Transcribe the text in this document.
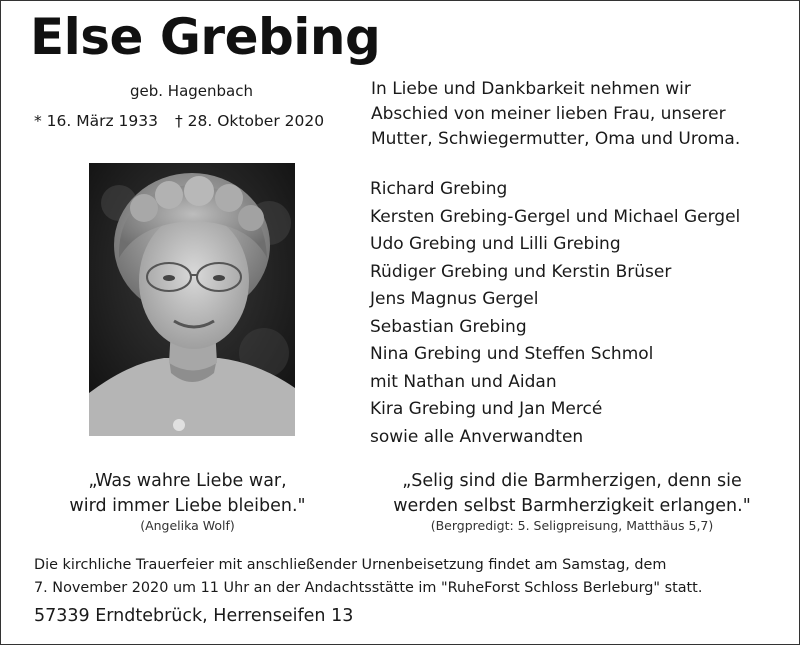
Else Grebing
geb. Hagenbach
* 16. März 1933 † 28. Oktober 2020
In Liebe und Dankbarkeit nehmen wir
Abschied von meiner lieben Frau, unserer
Mutter, Schwiegermutter, Oma und Uroma.
Richard Grebing
Kersten Grebing-Gergel und Michael Gergel
Udo Grebing und Lilli Grebing
Rüdiger Grebing und Kerstin Brüser
Jens Magnus Gergel
Sebastian Grebing
Nina Grebing und Steffen Schmol
mit Nathan und Aidan
Kira Grebing und Jan Mercé
sowie alle Anverwandten
„Was wahre Liebe war,
wird immer Liebe bleiben."
(Angelika Wolf)
„Selig sind die Barmherzigen, denn sie
werden selbst Barmherzigkeit erlangen."
(Bergpredigt: 5. Seligpreisung, Matthäus 5,7)
Die kirchliche Trauerfeier mit anschließender Urnenbeisetzung findet am Samstag, dem
7. November 2020 um 11 Uhr an der Andachtsstätte im "RuheForst Schloss Berleburg" statt.
57339 Erndtebrück, Herrenseifen 13
